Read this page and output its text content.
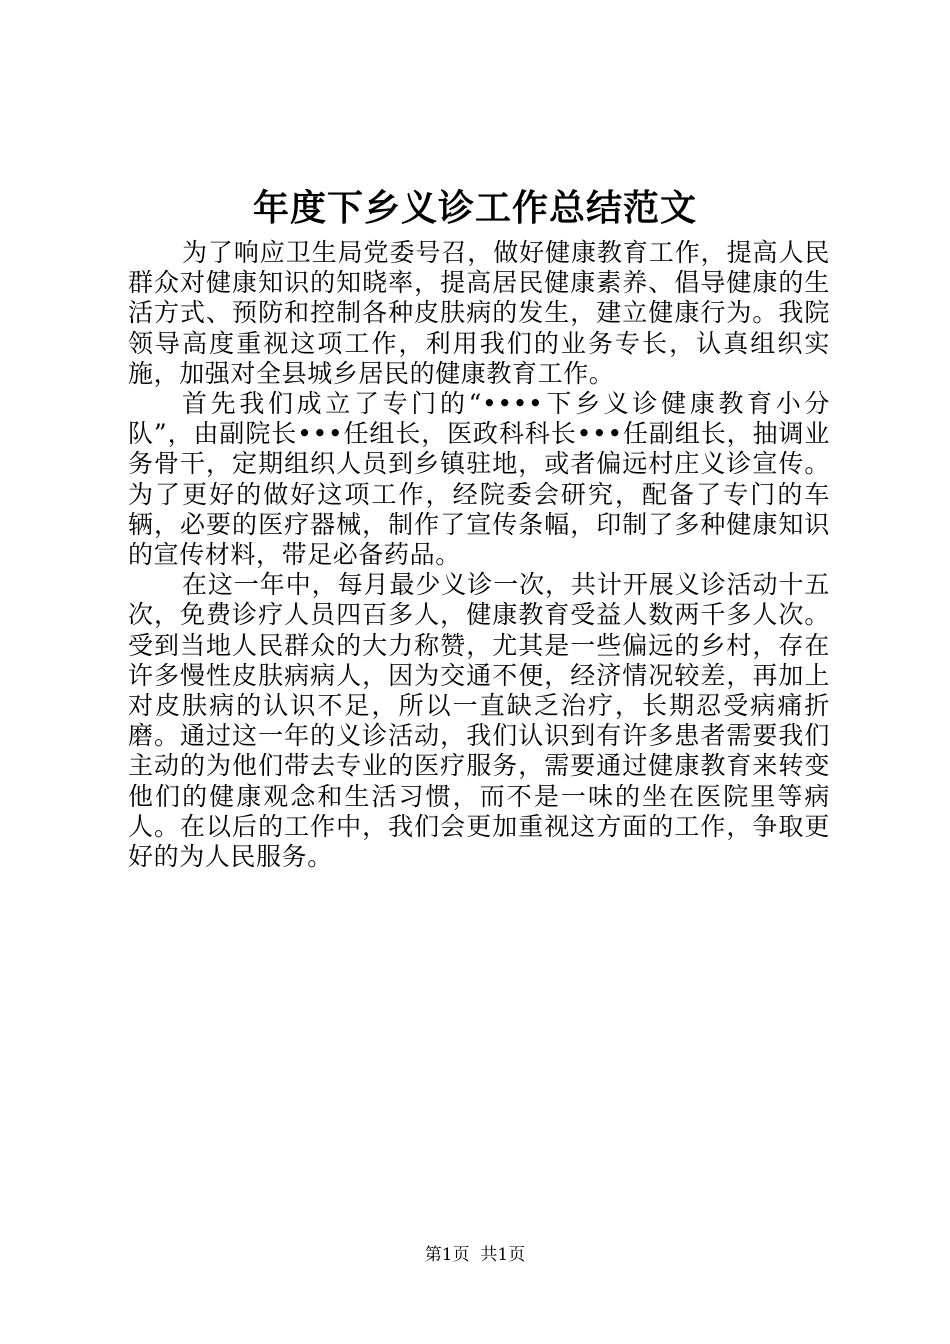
年度下乡义诊工作总结范文

为了响应卫生局党委号召，做好健康教育工作，提高人民群众对健康知识的知晓率，提高居民健康素养、倡导健康的生活方式、预防和控制各种皮肤病的发生，建立健康行为。我院领导高度重视这项工作，利用我们的业务专长，认真组织实施，加强对全县城乡居民的健康教育工作。

首先我们成立了专门的“••••下乡义诊健康教育小分队”，由副院长•••任组长，医政科科长•••任副组长，抽调业务骨干，定期组织人员到乡镇驻地，或者偏远村庄义诊宣传。为了更好的做好这项工作，经院委会研究，配备了专门的车辆，必要的医疗器械，制作了宣传条幅，印制了多种健康知识的宣传材料，带足必备药品。

在这一年中，每月最少义诊一次，共计开展义诊活动十五次，免费诊疗人员四百多人，健康教育受益人数两千多人次。受到当地人民群众的大力称赞，尤其是一些偏远的乡村，存在许多慢性皮肤病病人，因为交通不便，经济情况较差，再加上对皮肤病的认识不足，所以一直缺乏治疗，长期忍受病痛折磨。通过这一年的义诊活动，我们认识到有许多患者需要我们主动的为他们带去专业的医疗服务，需要通过健康教育来转变他们的健康观念和生活习惯，而不是一味的坐在医院里等病人。在以后的工作中，我们会更加重视这方面的工作，争取更好的为人民服务。

第1页  共1页
